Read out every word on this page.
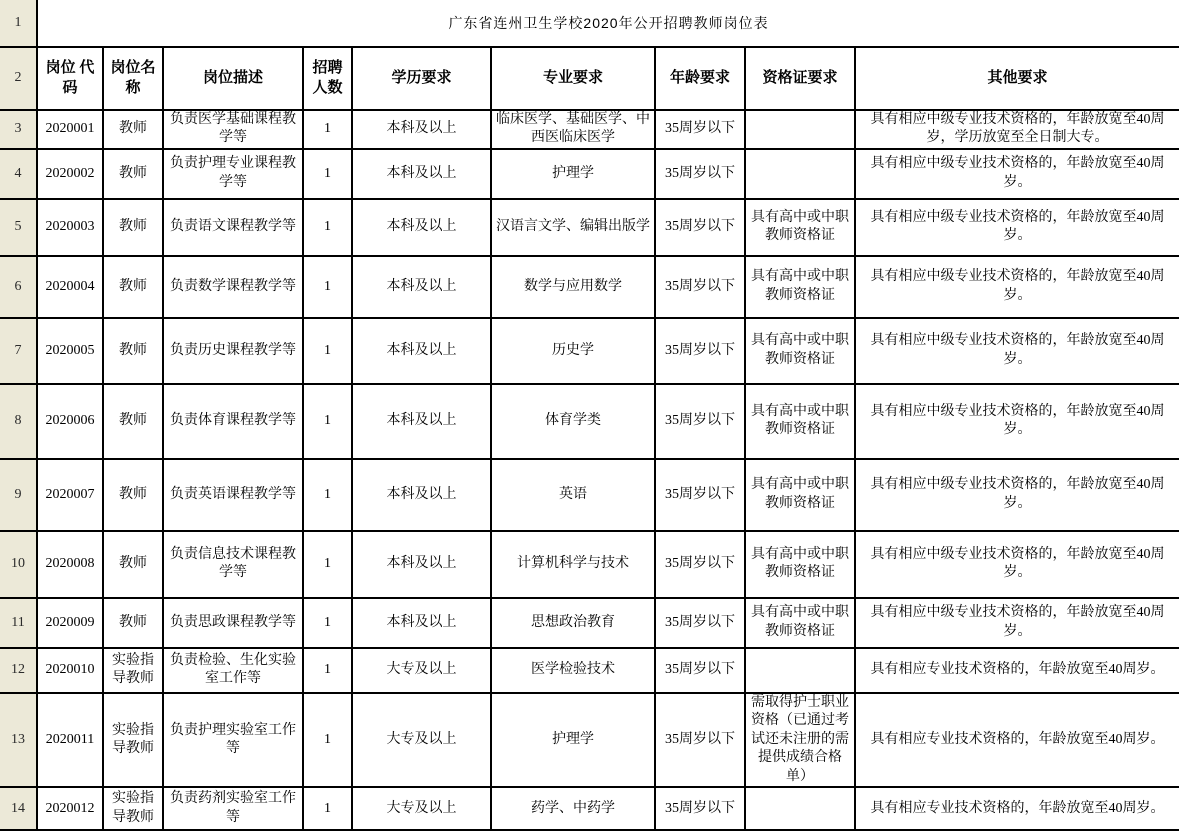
1	广东省连州卫生学校2020年公开招聘教师岗位表								
2	岗位 代码	岗位名称	岗位描述	招聘人数	学历要求	专业要求	年龄要求	资格证要求	其他要求
3	2020001	教师	负责医学基础课程教学等	1	本科及以上	临床医学、基础医学、中西医临床医学	35周岁以下		具有相应中级专业技术资格的，年龄放宽至40周岁，学历放宽至全日制大专。
4	2020002	教师	负责护理专业课程教学等	1	本科及以上	护理学	35周岁以下		具有相应中级专业技术资格的，年龄放宽至40周岁。
5	2020003	教师	负责语文课程教学等	1	本科及以上	汉语言文学、编辑出版学	35周岁以下	具有高中或中职教师资格证	具有相应中级专业技术资格的，年龄放宽至40周岁。
6	2020004	教师	负责数学课程教学等	1	本科及以上	数学与应用数学	35周岁以下	具有高中或中职教师资格证	具有相应中级专业技术资格的，年龄放宽至40周岁。
7	2020005	教师	负责历史课程教学等	1	本科及以上	历史学	35周岁以下	具有高中或中职教师资格证	具有相应中级专业技术资格的，年龄放宽至40周岁。
8	2020006	教师	负责体育课程教学等	1	本科及以上	体育学类	35周岁以下	具有高中或中职教师资格证	具有相应中级专业技术资格的，年龄放宽至40周岁。
9	2020007	教师	负责英语课程教学等	1	本科及以上	英语	35周岁以下	具有高中或中职教师资格证	具有相应中级专业技术资格的，年龄放宽至40周岁。
10	2020008	教师	负责信息技术课程教学等	1	本科及以上	计算机科学与技术	35周岁以下	具有高中或中职教师资格证	具有相应中级专业技术资格的，年龄放宽至40周岁。
11	2020009	教师	负责思政课程教学等	1	本科及以上	思想政治教育	35周岁以下	具有高中或中职教师资格证	具有相应中级专业技术资格的，年龄放宽至40周岁。
12	2020010	实验指导教师	负责检验、生化实验室工作等	1	大专及以上	医学检验技术	35周岁以下		具有相应专业技术资格的，年龄放宽至40周岁。
13	2020011	实验指导教师	负责护理实验室工作等	1	大专及以上	护理学	35周岁以下	需取得护士职业资格（已通过考试还未注册的需提供成绩合格单）	具有相应专业技术资格的，年龄放宽至40周岁。
14	2020012	实验指导教师	负责药剂实验室工作等	1	大专及以上	药学、中药学	35周岁以下		具有相应专业技术资格的，年龄放宽至40周岁。
